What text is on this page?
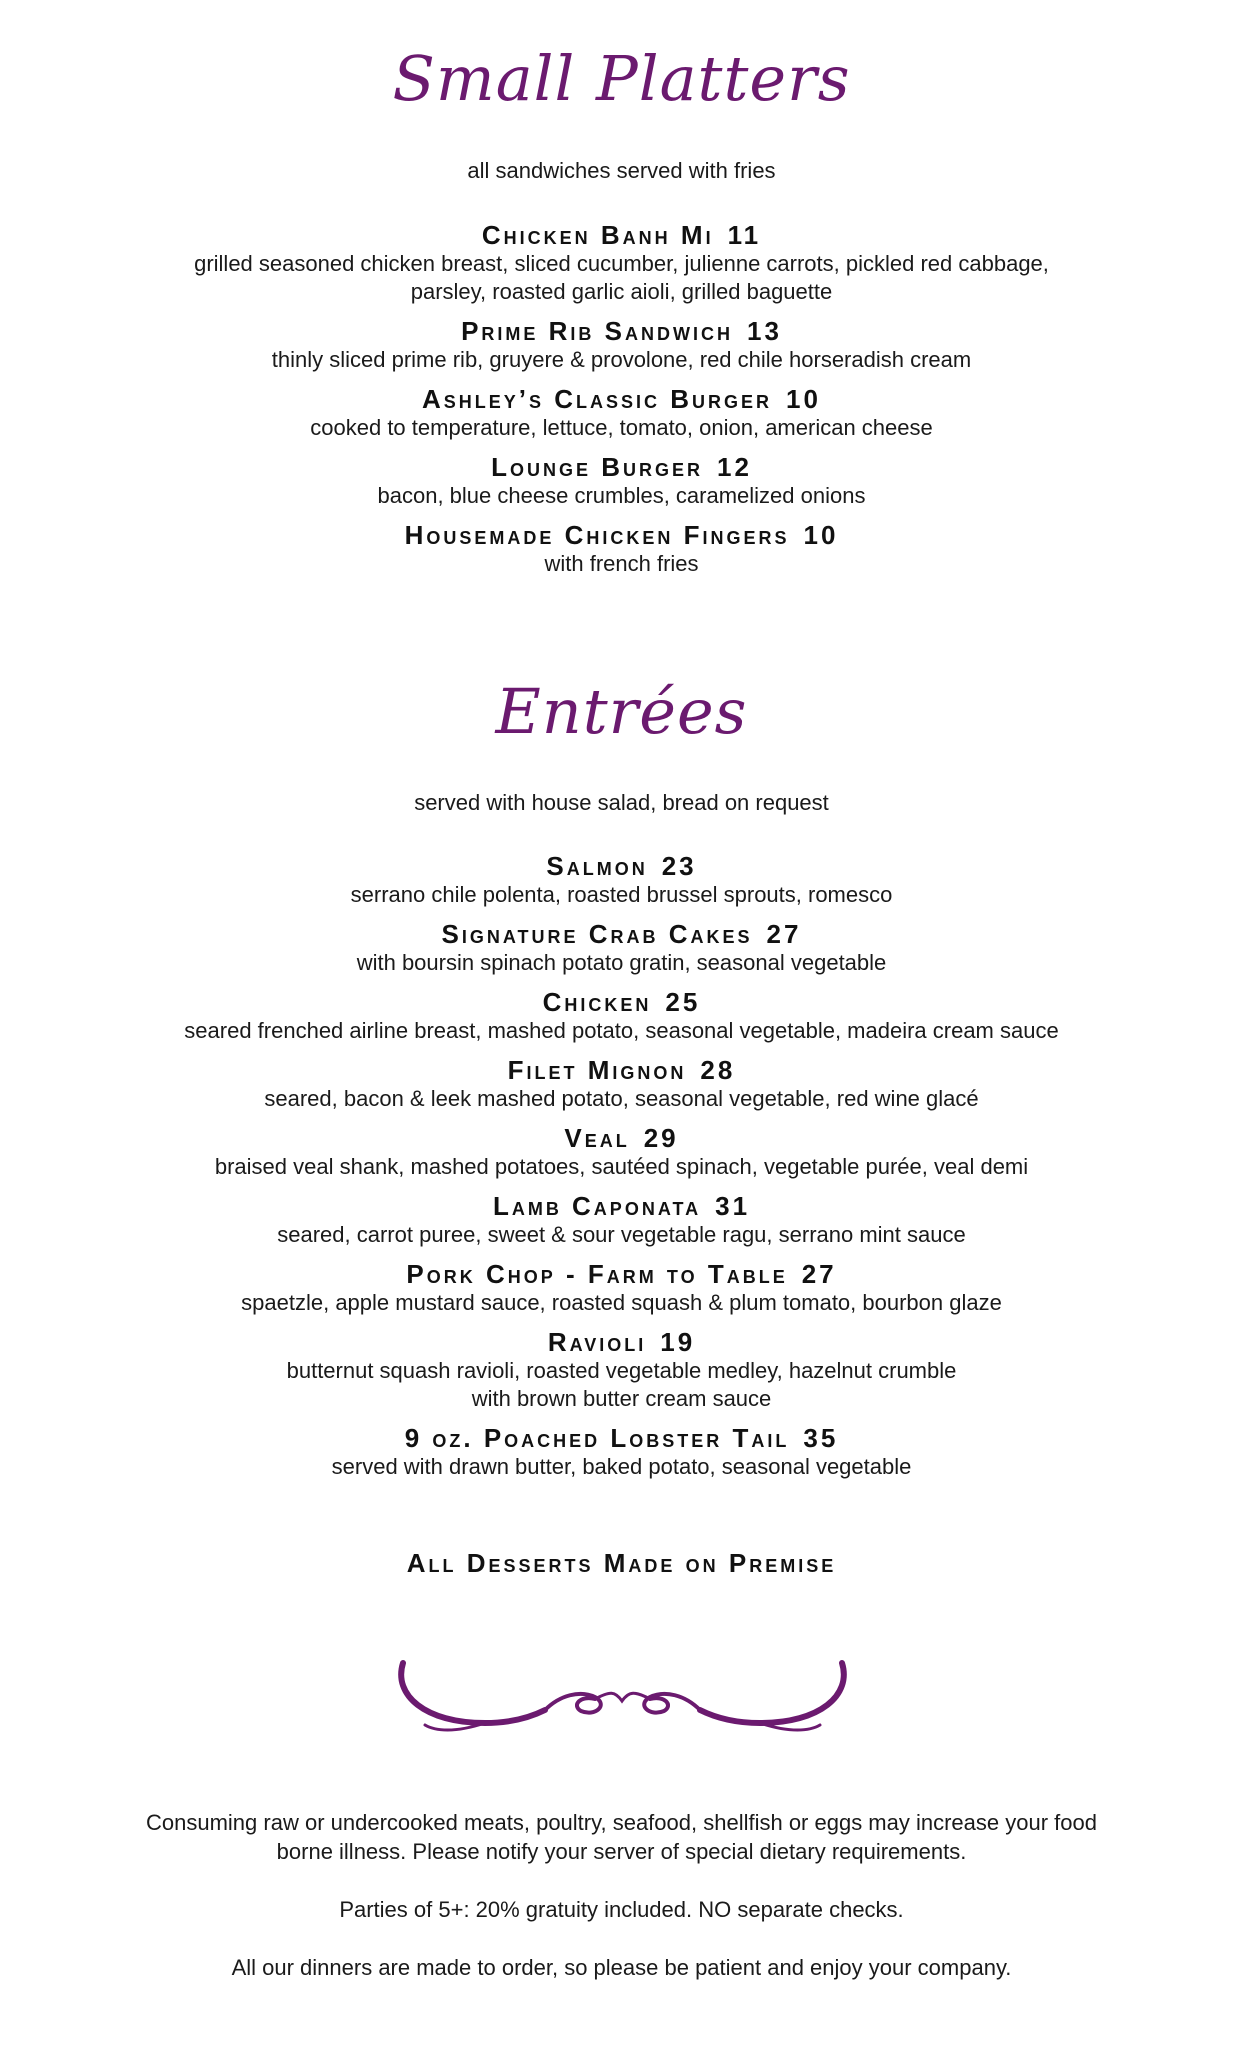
Small Platters
all sandwiches served with fries
Chicken Banh Mi 11
grilled seasoned chicken breast, sliced cucumber, julienne carrots, pickled red cabbage,
parsley, roasted garlic aioli, grilled baguette
Prime Rib Sandwich 13
thinly sliced prime rib, gruyere & provolone, red chile horseradish cream
Ashley’s Classic Burger 10
cooked to temperature, lettuce, tomato, onion, american cheese
Lounge Burger 12
bacon, blue cheese crumbles, caramelized onions
Housemade Chicken Fingers 10
with french fries
Entrées
served with house salad, bread on request
Salmon 23
serrano chile polenta, roasted brussel sprouts, romesco
Signature Crab Cakes 27
with boursin spinach potato gratin, seasonal vegetable
Chicken 25
seared frenched airline breast, mashed potato, seasonal vegetable, madeira cream sauce
Filet Mignon 28
seared, bacon & leek mashed potato, seasonal vegetable, red wine glacé
Veal 29
braised veal shank, mashed potatoes, sautéed spinach, vegetable purée, veal demi
Lamb Caponata 31
seared, carrot puree, sweet & sour vegetable ragu, serrano mint sauce
Pork Chop - Farm to Table 27
spaetzle, apple mustard sauce, roasted squash & plum tomato, bourbon glaze
Ravioli 19
butternut squash ravioli, roasted vegetable medley, hazelnut crumble
with brown butter cream sauce
9 oz. Poached Lobster Tail 35
served with drawn butter, baked potato, seasonal vegetable
All Desserts Made on Premise
Consuming raw or undercooked meats, poultry, seafood, shellfish or eggs may increase your food
borne illness. Please notify your server of special dietary requirements.
Parties of 5+: 20% gratuity included. NO separate checks.
All our dinners are made to order, so please be patient and enjoy your company.
